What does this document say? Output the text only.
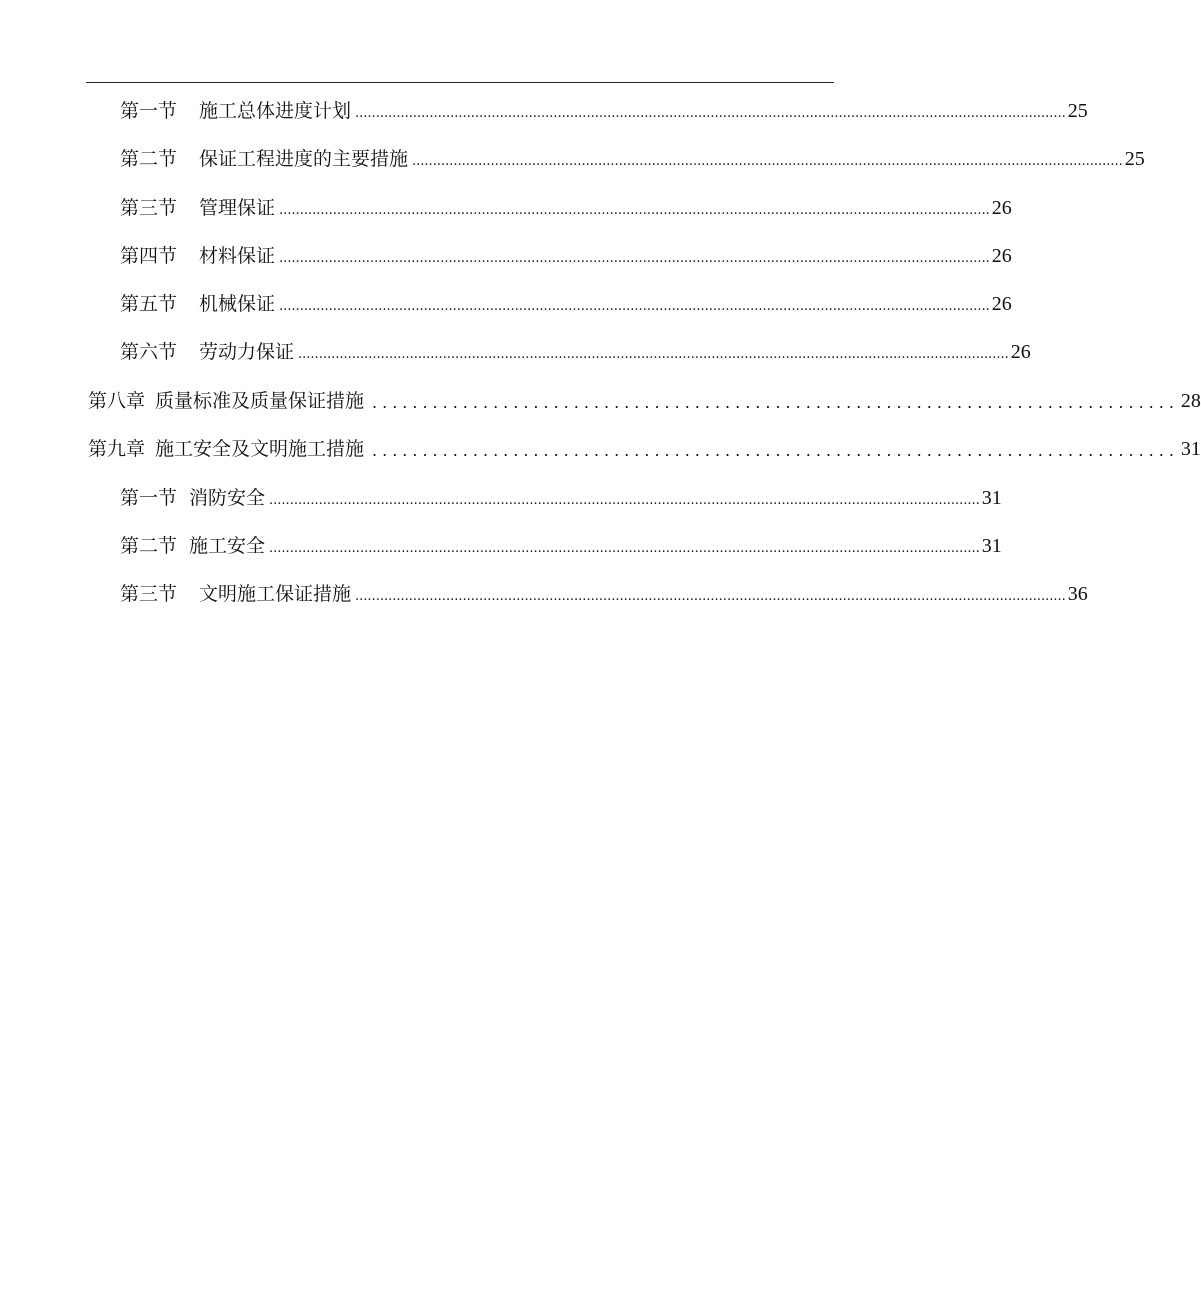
第一节 施工总体进度计划 ............................................................................................................................................................................ 25
第二节 保证工程进度的主要措施 ............................................................................................................................................................................ 25
第三节 管理保证 ............................................................................................................................................................................ 26
第四节 材料保证 ............................................................................................................................................................................ 26
第五节 机械保证 ............................................................................................................................................................................ 26
第六节 劳动力保证 ............................................................................................................................................................................ 26
第八章 质量标准及质量保证措施 ................................................................................ 28
第九章 施工安全及文明施工措施 ................................................................................ 31
第一节 消防安全 ............................................................................................................................................................................ 31
第二节 施工安全 ............................................................................................................................................................................ 31
第三节 文明施工保证措施 ............................................................................................................................................................................ 36
